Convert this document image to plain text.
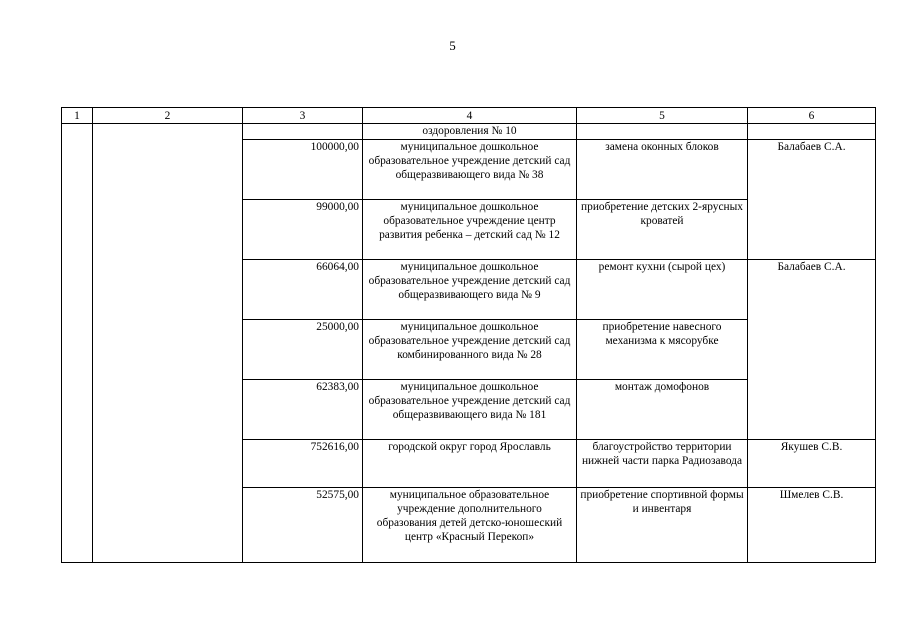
5
1	2	3	4	5	6
			оздоровления № 10		
		100000,00	муниципальное дошкольное образовательное учреждение детский сад общеразвивающего вида № 38	замена оконных блоков	Балабаев С.А.
		99000,00	муниципальное дошкольное образовательное учреждение центр развития ребенка – детский сад № 12	приобретение детских 2-ярусных кроватей	
		66064,00	муниципальное дошкольное образовательное учреждение детский сад общеразвивающего вида № 9	ремонт кухни (сырой цех)	Балабаев С.А.
		25000,00	муниципальное дошкольное образовательное учреждение детский сад комбинированного вида № 28	приобретение навесного механизма к мясорубке	
		62383,00	муниципальное дошкольное образовательное учреждение детский сад общеразвивающего вида № 181	монтаж домофонов	
		752616,00	городской округ город Ярославль	благоустройство территории нижней части парка Радиозавода	Якушев С.В.
		52575,00	муниципальное образовательное учреждение дополнительного образования детей детско-юношеский центр «Красный Перекоп»	приобретение спортивной формы и инвентаря	Шмелев С.В.
